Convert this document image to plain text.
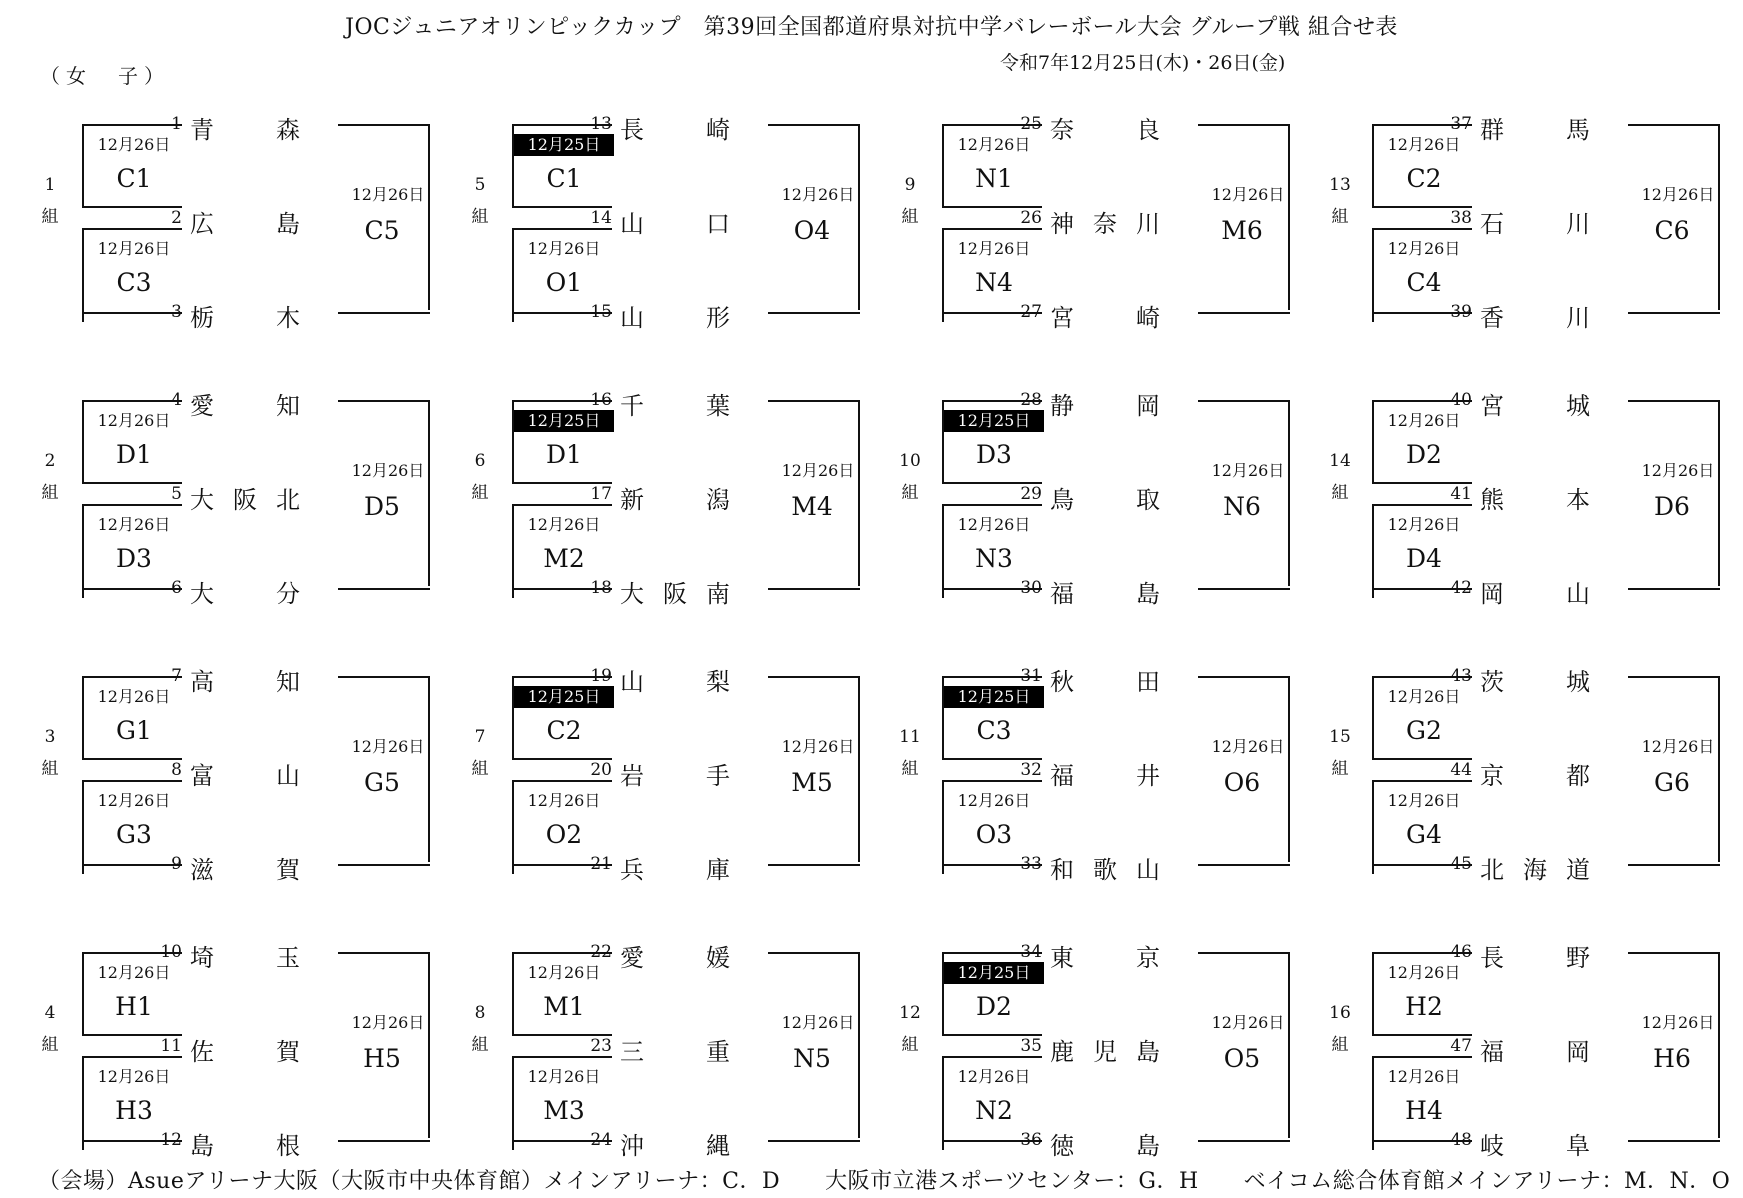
JOCジュニアオリンピックカップ　第39回全国都道府県対抗中学バレーボール大会 グループ戦 組合せ表
令和7年12月25日(木)・26日(金)
（女　子）
1
組
12月26日
C1
12月26日
C3
12月26日
C5
1 青	森
2 広	島
3 栃	木
2
組
12月26日
D1
12月26日
D3
12月26日
D5
4 愛	知
5 大 阪 北
6 大	分
3
組
12月26日
G1
12月26日
G3
12月26日
G5
7 高	知
8 富	山
9 滋	賀
4
組
12月26日
H1
12月26日
H3
12月26日
H5
10 埼	玉
11 佐	賀
12 島	根
5
組
12月25日
C1
12月26日
O1
12月26日
O4
13 長	崎
14 山	口
15 山	形
6
組
12月25日
D1
12月26日
M2
12月26日
M4
16 千	葉
17 新	潟
18 大 阪 南
7
組
12月25日
C2
12月26日
O2
12月26日
M5
19 山	梨
20 岩	手
21 兵	庫
8
組
12月26日
M1
12月26日
M3
12月26日
N5
22 愛	媛
23 三	重
24 沖	縄
9
組
12月26日
N1
12月26日
N4
12月26日
M6
25 奈	良
26 神 奈 川
27 宮	崎
10
組
12月25日
D3
12月26日
N3
12月26日
N6
28 静	岡
29 鳥	取
30 福	島
11
組
12月25日
C3
12月26日
O3
12月26日
O6
31 秋	田
32 福	井
33 和 歌 山
12
組
12月25日
D2
12月26日
N2
12月26日
O5
34 東	京
35 鹿 児 島
36 徳	島
13
組
12月26日
C2
12月26日
C4
12月26日
C6
37 群	馬
38 石	川
39 香	川
14
組
12月26日
D2
12月26日
D4
12月26日
D6
40 宮	城
41 熊	本
42 岡	山
15
組
12月26日
G2
12月26日
G4
12月26日
G6
43 茨	城
44 京	都
45 北 海 道
16
組
12月26日
H2
12月26日
H4
12月26日
H6
46 長	野
47 福	岡
48 岐	阜
（会場）Asueアリーナ大阪（大阪市中央体育館）メインアリーナ：C．D　　大阪市立港スポーツセンター：G．H　　ベイコム総合体育館メインアリーナ：M．N．O
